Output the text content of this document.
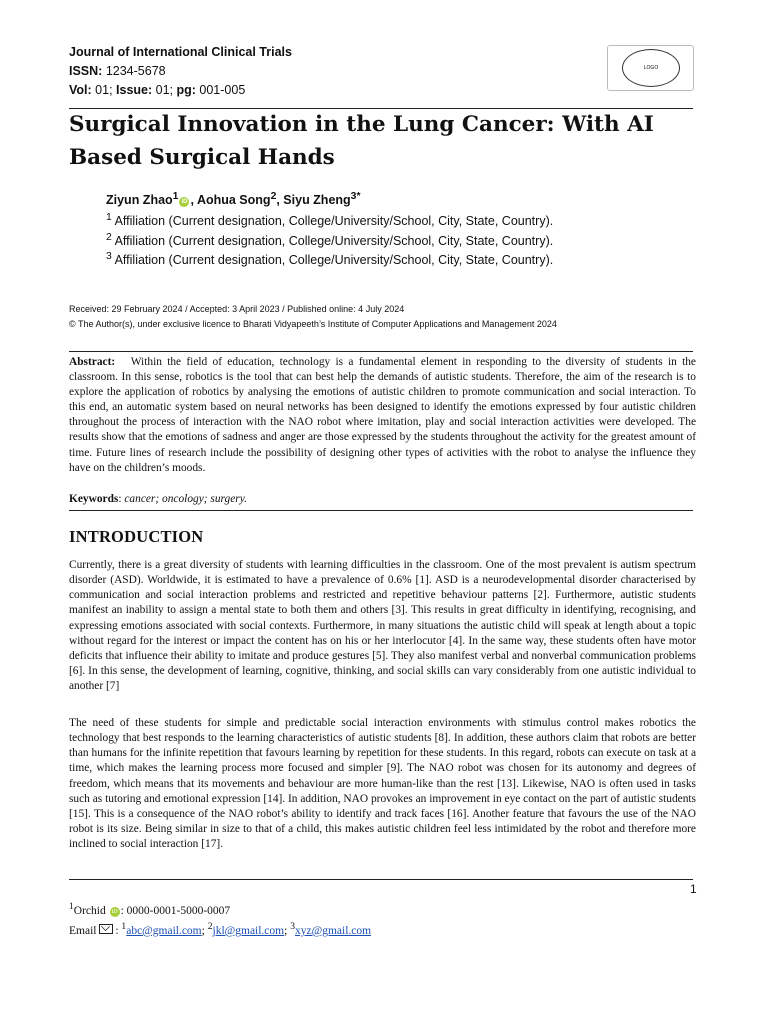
Journal of International Clinical Trials
ISSN: 1234-5678
Vol: 01; Issue: 01; pg: 001-005
LOGO
Surgical Innovation in the Lung Cancer: With AI Based Surgical Hands
Ziyun Zhao$^1$iD , Aohua Song$^2$, Siyu Zheng$^{3*}$
$^1$ Affiliation (Current designation, College/University/School, City, State, Country).
$^2$ Affiliation (Current designation, College/University/School, City, State, Country).
$^3$ Affiliation (Current designation, College/University/School, City, State, Country).
Received: 29 February 2024 / Accepted: 3 April 2023 / Published online: 4 July 2024
© The Author(s), under exclusive licence to Bharati Vidyapeeth’s Institute of Computer Applications and Management 2024

Abstract:   Within the field of education, technology is a fundamental element in responding to the diversity of students in the classroom. In this sense, robotics is the tool that can best help the demands of autistic students. Therefore, the aim of the research is to explore the application of robotics by analysing the emotions of autistic children to promote communication and social interaction. To this end, an automatic system based on neural networks has been designed to identify the emotions expressed by four autistic children throughout the process of interaction with the NAO robot where imitation, play and social interaction activities were developed. The results show that the emotions of sadness and anger are those expressed by the students throughout the activity for the greatest amount of time. Future lines of research include the possibility of designing other types of activities with the robot to analyse the influence they have on the children’s moods.

Keywords: cancer; oncology; surgery.
INTRODUCTION

Currently, there is a great diversity of students with learning difficulties in the classroom. One of the most prevalent is autism spectrum disorder (ASD). Worldwide, it is estimated to have a prevalence of 0.6% [1]. ASD is a neurodevelopmental disorder characterised by communication and social interaction problems and restricted and repetitive behaviour patterns [2]. Furthermore, autistic students manifest an inability to assign a mental state to both them and others [3]. This results in great difficulty in identifying, recognising, and expressing emotions associated with social contexts. Furthermore, in many situations the autistic child will speak at length about a topic without regard for the interest or impact the content has on his or her interlocutor [4]. In the same way, these students often have motor deficits that influence their ability to imitate and produce gestures [5]. They also manifest verbal and nonverbal communication problems [6]. In this sense, the development of learning, cognitive, thinking, and social skills can vary considerably from one autistic individual to another [7]

The need of these students for simple and predictable social interaction environments with stimulus control makes robotics the technology that best responds to the learning characteristics of autistic students [8]. In addition, these authors claim that robots are better than humans for the infinite repetition that favours learning by repetition for these students. In this regard, robots can execute on task at a time, which makes the learning process more focused and simpler [9]. The NAO robot was chosen for its autonomy and degrees of freedom, which means that its movements and behaviour are more human-like than the rest [13]. Likewise, NAO is often used in tasks such as tutoring and emotional expression [14]. In addition, NAO provokes an improvement in eye contact on the part of autistic students [15]. This is a consequence of the NAO robot’s ability to identify and track faces [16]. Another feature that favours the use of the NAO robot is its size. Being similar in size to that of a child, this makes autistic children feel less intimidated by the robot and therefore more inclined to social interaction [17].

1
$^1$Orchid iD : 0000-0001-5000-0007
Email : $^1$abc@gmail.com; $^2$jkl@gmail.com; $^3$xyz@gmail.com
